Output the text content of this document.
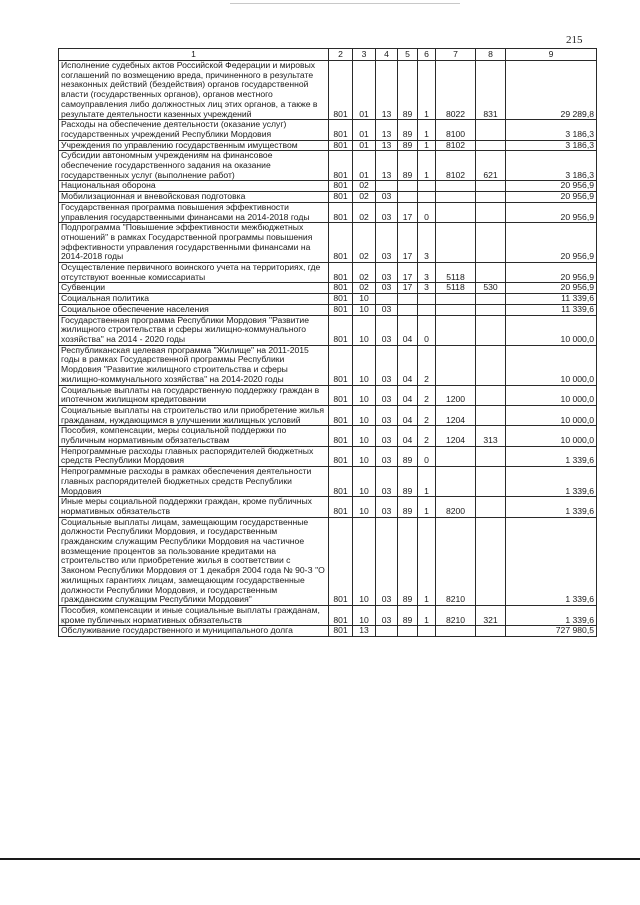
215
1	2	3	4	5	6	7	8	9
Исполнение судебных актов Российской Федерации и мировых соглашений по возмещению вреда, причиненного в результате незаконных действий (бездействия) органов государственной власти (государственных органов), органов местного самоуправления либо должностных лиц этих органов, а также в результате деятельности казенных учреждений	801	01	13	89	1	8022	831	29 289,8
Расходы на обеспечение деятельности (оказание услуг) государственных учреждений Республики Мордовия	801	01	13	89	1	8100		3 186,3
Учреждения по управлению государственным имуществом	801	01	13	89	1	8102		3 186,3
Субсидии автономным учреждениям на финансовое обеспечение государственного задания на оказание государственных услуг (выполнение работ)	801	01	13	89	1	8102	621	3 186,3
Национальная оборона	801	02						20 956,9
Мобилизационная и вневойсковая подготовка	801	02	03					20 956,9
Государственная программа повышения эффективности управления государственными финансами на 2014-2018 годы	801	02	03	17	0			20 956,9
Подпрограмма "Повышение эффективности межбюджетных отношений" в рамках Государственной программы повышения эффективности управления государственными финансами на 2014-2018 годы	801	02	03	17	3			20 956,9
Осуществление первичного воинского учета на территориях, где отсутствуют военные комиссариаты	801	02	03	17	3	5118		20 956,9
Субвенции	801	02	03	17	3	5118	530	20 956,9
Социальная политика	801	10						11 339,6
Социальное обеспечение населения	801	10	03					11 339,6
Государственная программа Республики Мордовия "Развитие жилищного строительства и сферы жилищно-коммунального хозяйства" на 2014 - 2020 годы	801	10	03	04	0			10 000,0
Республиканская целевая программа "Жилище" на 2011-2015 годы в рамках Государственной программы Республики Мордовия "Развитие жилищного строительства и сферы жилищно-коммунального хозяйства" на 2014-2020 годы	801	10	03	04	2			10 000,0
Социальные выплаты на государственную поддержку граждан в ипотечном жилищном кредитовании	801	10	03	04	2	1200		10 000,0
Социальные выплаты на строительство или приобретение жилья гражданам, нуждающимся в улучшении жилищных условий	801	10	03	04	2	1204		10 000,0
Пособия, компенсации, меры социальной поддержки по публичным нормативным обязательствам	801	10	03	04	2	1204	313	10 000,0
Непрограммные расходы главных распорядителей бюджетных средств Республики Мордовия	801	10	03	89	0			1 339,6
Непрограммные расходы в рамках обеспечения деятельности главных распорядителей бюджетных средств Республики Мордовия	801	10	03	89	1			1 339,6
Иные меры социальной поддержки граждан, кроме публичных нормативных обязательств	801	10	03	89	1	8200		1 339,6
Социальные выплаты лицам, замещающим государственные должности Республики Мордовия, и государственным гражданским служащим Республики Мордовия на частичное возмещение процентов за пользование кредитами на строительство или приобретение жилья в соответствии с Законом Республики Мордовия от 1 декабря 2004 года № 90-З "О жилищных гарантиях лицам, замещающим государственные должности Республики Мордовия, и государственным гражданским служащим Республики Мордовия"	801	10	03	89	1	8210		1 339,6
Пособия, компенсации и иные социальные выплаты гражданам, кроме публичных нормативных обязательств	801	10	03	89	1	8210	321	1 339,6
Обслуживание государственного и муниципального долга	801	13						727 980,5
